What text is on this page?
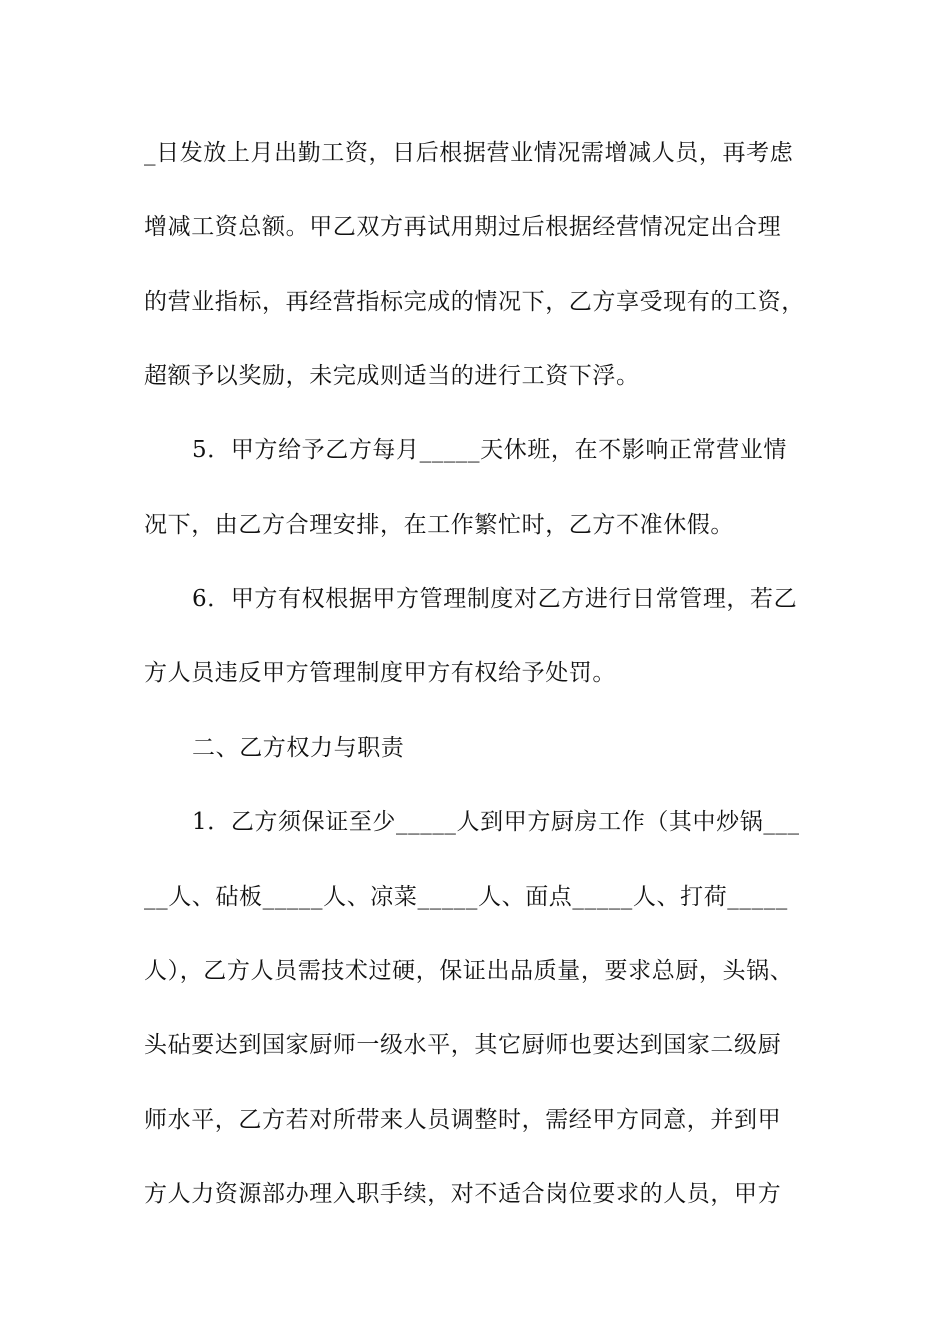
_日发放上月出勤工资，日后根据营业情况需增减人员，再考虑
增减工资总额。甲乙双方再试用期过后根据经营情况定出合理
的营业指标，再经营指标完成的情况下，乙方享受现有的工资，
超额予以奖励，未完成则适当的进行工资下浮。
5．甲方给予乙方每月_____天休班，在不影响正常营业情
况下，由乙方合理安排，在工作繁忙时，乙方不准休假。
6．甲方有权根据甲方管理制度对乙方进行日常管理，若乙
方人员违反甲方管理制度甲方有权给予处罚。
二、乙方权力与职责
1．乙方须保证至少_____人到甲方厨房工作（其中炒锅___
__人、砧板_____人、凉菜_____人、面点_____人、打荷_____
人），乙方人员需技术过硬，保证出品质量，要求总厨，头锅、
头砧要达到国家厨师一级水平，其它厨师也要达到国家二级厨
师水平，乙方若对所带来人员调整时，需经甲方同意，并到甲
方人力资源部办理入职手续，对不适合岗位要求的人员，甲方
